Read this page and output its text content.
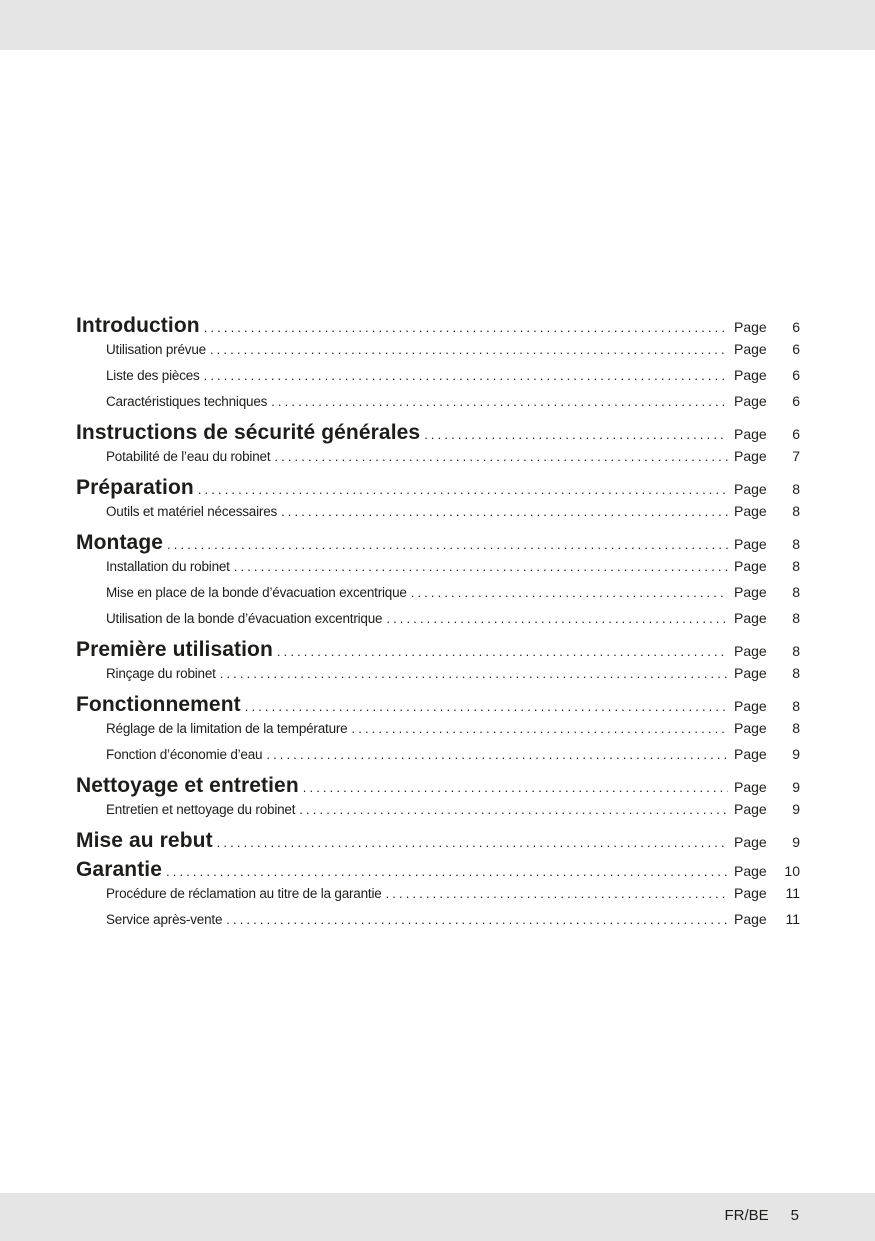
Introduction . . .	Page	6
Utilisation prévue . . .	Page	6
Liste des pièces . . .	Page	6
Caractéristiques techniques . . .	Page	6
Instructions de sécurité générales . . .	Page	6
Potabilité de l’eau du robinet . . .	Page	7
Préparation . . .	Page	8
Outils et matériel nécessaires . . .	Page	8
Montage . . .	Page	8
Installation du robinet . . .	Page	8
Mise en place de la bonde d’évacuation excentrique . . .	Page	8
Utilisation de la bonde d’évacuation excentrique . . .	Page	8
Première utilisation . . .	Page	8
Rinçage du robinet . . .	Page	8
Fonctionnement . . .	Page	8
Réglage de la limitation de la température . . .	Page	8
Fonction d’économie d’eau . . .	Page	9
Nettoyage et entretien . . .	Page	9
Entretien et nettoyage du robinet . . .	Page	9
Mise au rebut . . .	Page	9
Garantie . . .	Page	10
Procédure de réclamation au titre de la garantie . . .	Page	11
Service après-vente . . .	Page	11
FR/BE 5
